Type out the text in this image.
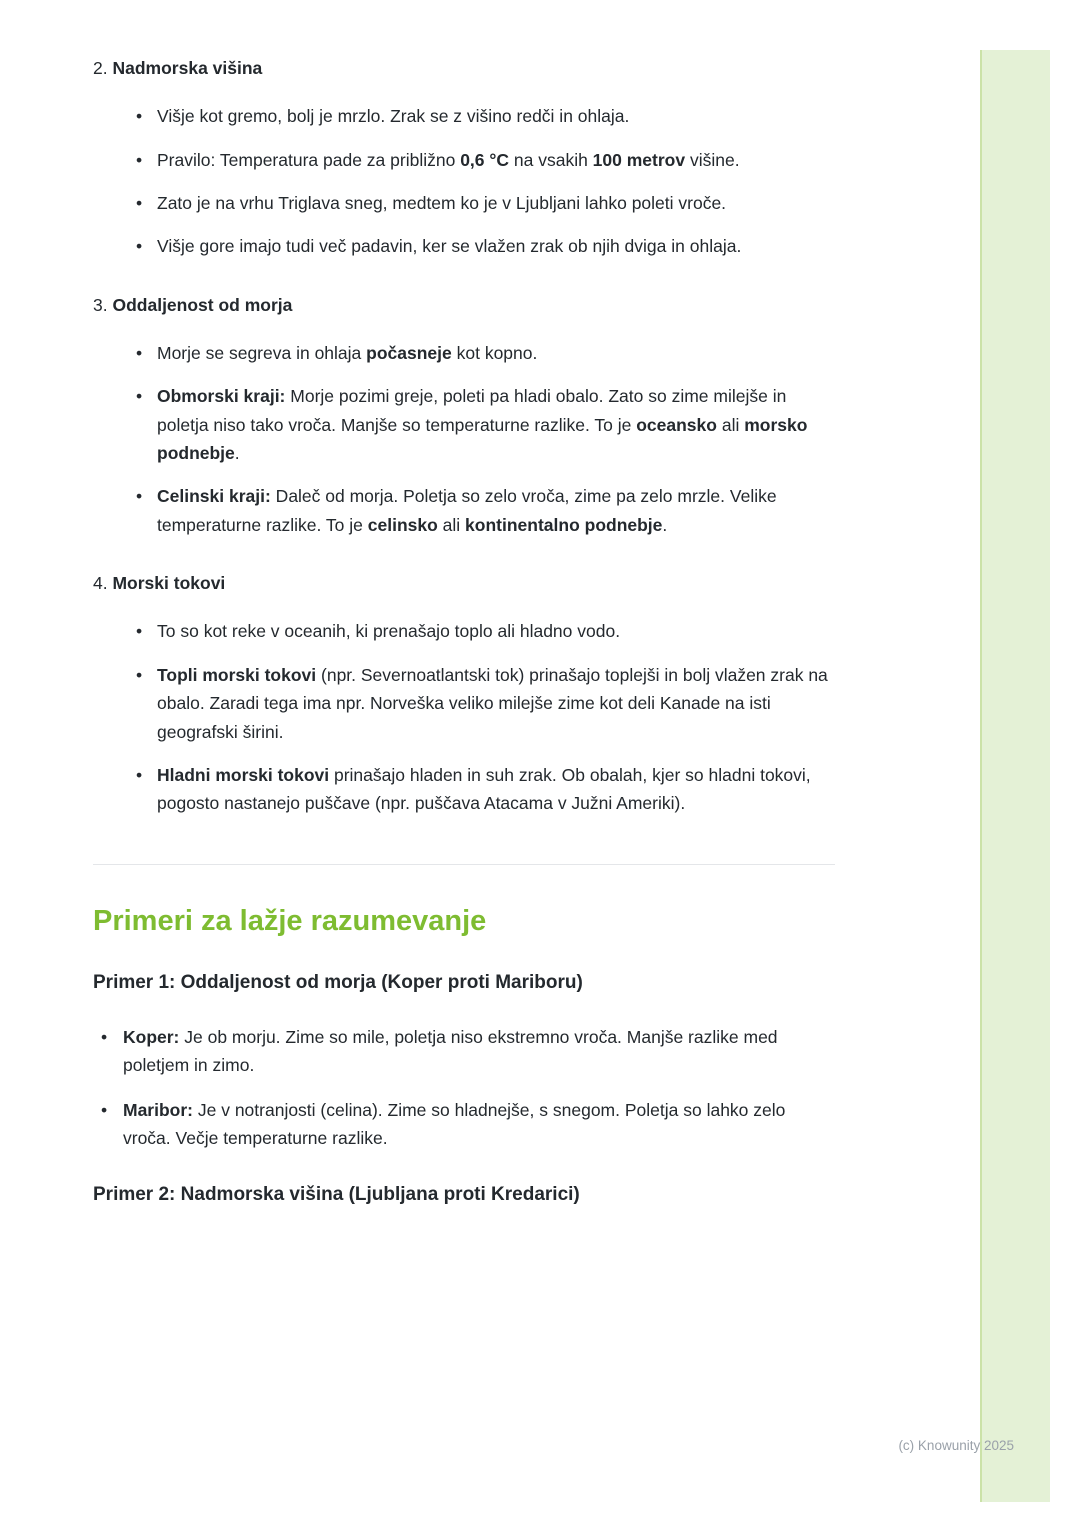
2. Nadmorska višina
• Višje kot gremo, bolj je mrzlo. Zrak se z višino redči in ohlaja.
• Pravilo: Temperatura pade za približno 0,6 °C na vsakih 100 metrov višine.
• Zato je na vrhu Triglava sneg, medtem ko je v Ljubljani lahko poleti vroče.
• Višje gore imajo tudi več padavin, ker se vlažen zrak ob njih dviga in ohlaja.
3. Oddaljenost od morja
• Morje se segreva in ohlaja počasneje kot kopno.
• Obmorski kraji: Morje pozimi greje, poleti pa hladi obalo. Zato so zime milejše in poletja niso tako vroča. Manjše so temperaturne razlike. To je oceansko ali morsko podnebje.
• Celinski kraji: Daleč od morja. Poletja so zelo vroča, zime pa zelo mrzle. Velike temperaturne razlike. To je celinsko ali kontinentalno podnebje.
4. Morski tokovi
• To so kot reke v oceanih, ki prenašajo toplo ali hladno vodo.
• Topli morski tokovi (npr. Severnoatlantski tok) prinašajo toplejši in bolj vlažen zrak na obalo. Zaradi tega ima npr. Norveška veliko milejše zime kot deli Kanade na isti geografski širini.
• Hladni morski tokovi prinašajo hladen in suh zrak. Ob obalah, kjer so hladni tokovi, pogosto nastanejo puščave (npr. puščava Atacama v Južni Ameriki).
Primeri za lažje razumevanje
Primer 1: Oddaljenost od morja (Koper proti Mariboru)
• Koper: Je ob morju. Zime so mile, poletja niso ekstremno vroča. Manjše razlike med poletjem in zimo.
• Maribor: Je v notranjosti (celina). Zime so hladnejše, s snegom. Poletja so lahko zelo vroča. Večje temperaturne razlike.
Primer 2: Nadmorska višina (Ljubljana proti Kredarici)
(c) Knowunity 2025
